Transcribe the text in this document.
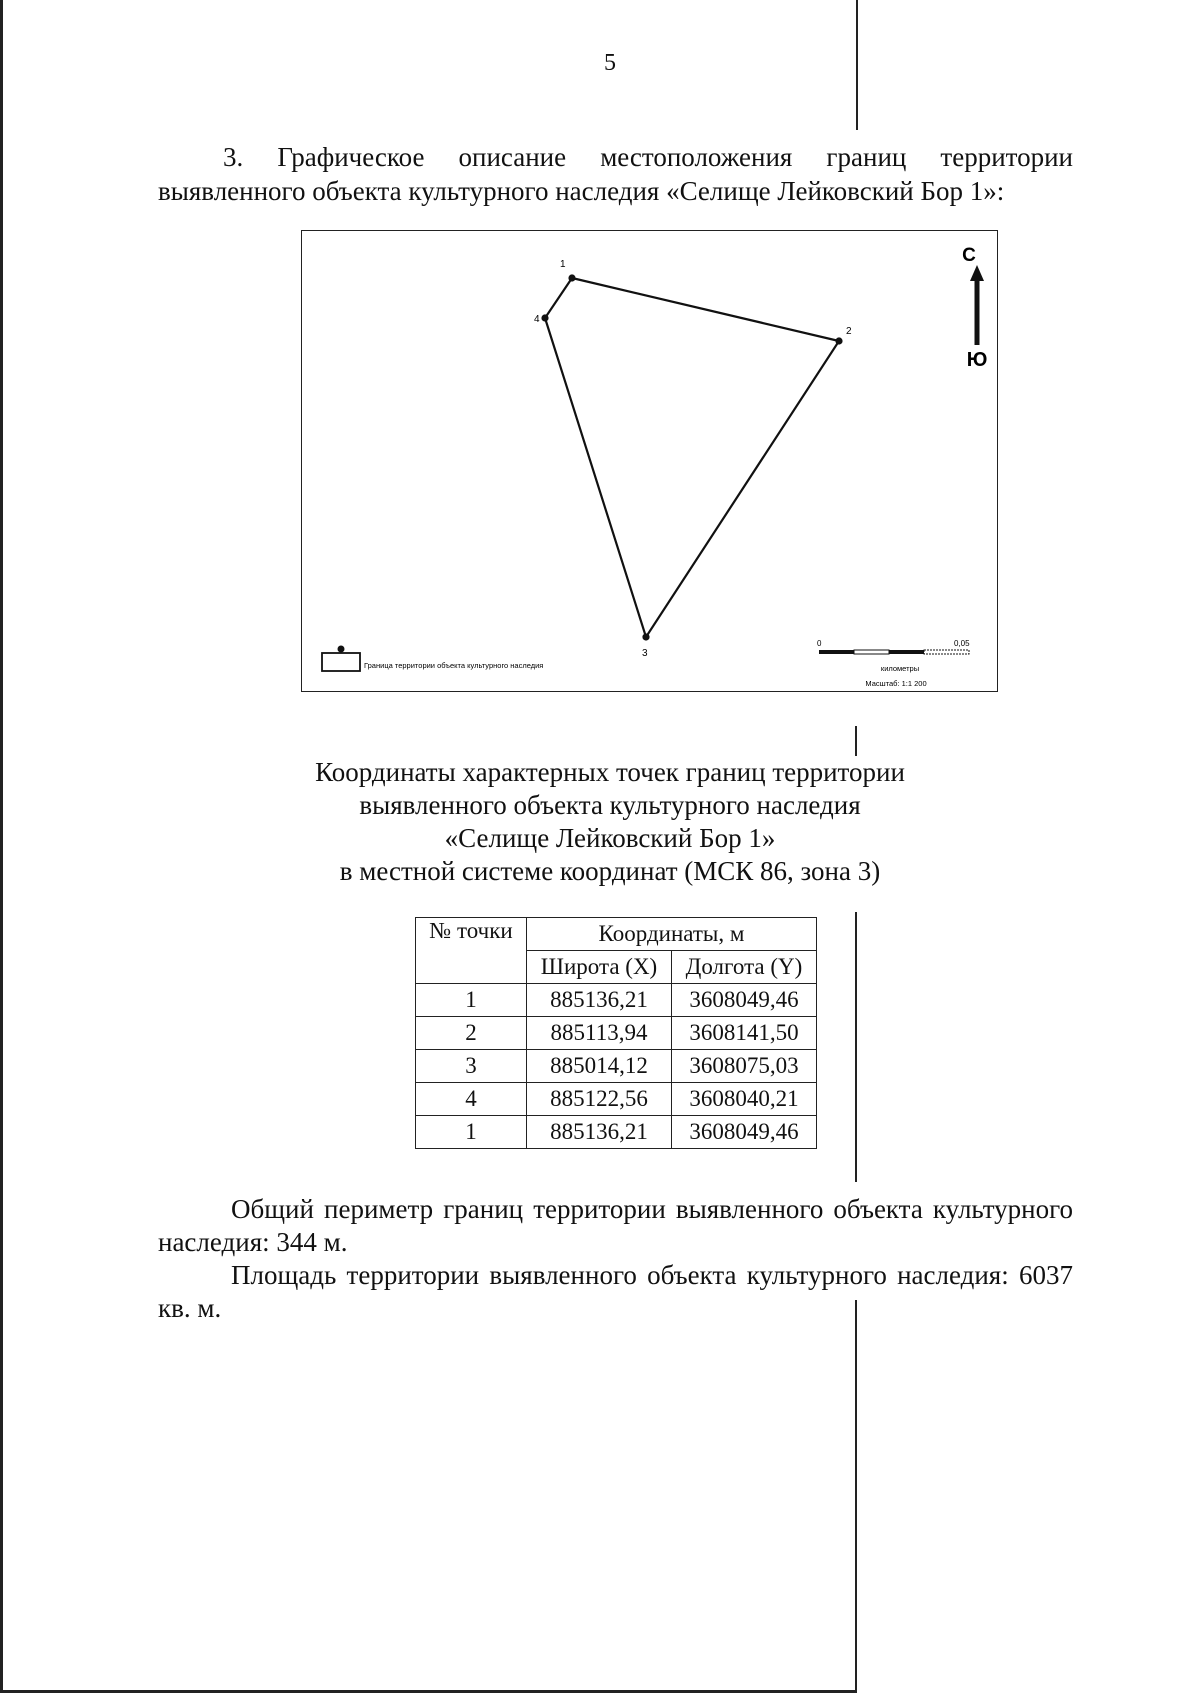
5
3. Графическое описание местоположения границ территории выявленного объекта культурного наследия «Селище Лейковский Бор 1»:
1
2
3
4
С
Ю
Граница территории объекта культурного наследия
0	0,05
километры
Масштаб: 1:1 200
Координаты характерных точек границ территории
выявленного объекта культурного наследия
«Селище Лейковский Бор 1»
в местной системе координат (МСК 86, зона 3)
№ точки	Координаты, м	
	Широта (X)	Долгота (Y)
1	885136,21	3608049,46
2	885113,94	3608141,50
3	885014,12	3608075,03
4	885122,56	3608040,21
1	885136,21	3608049,46
Общий периметр границ территории выявленного объекта культурного наследия: 344 м.
Площадь территории выявленного объекта культурного наследия: 6037 кв. м.
